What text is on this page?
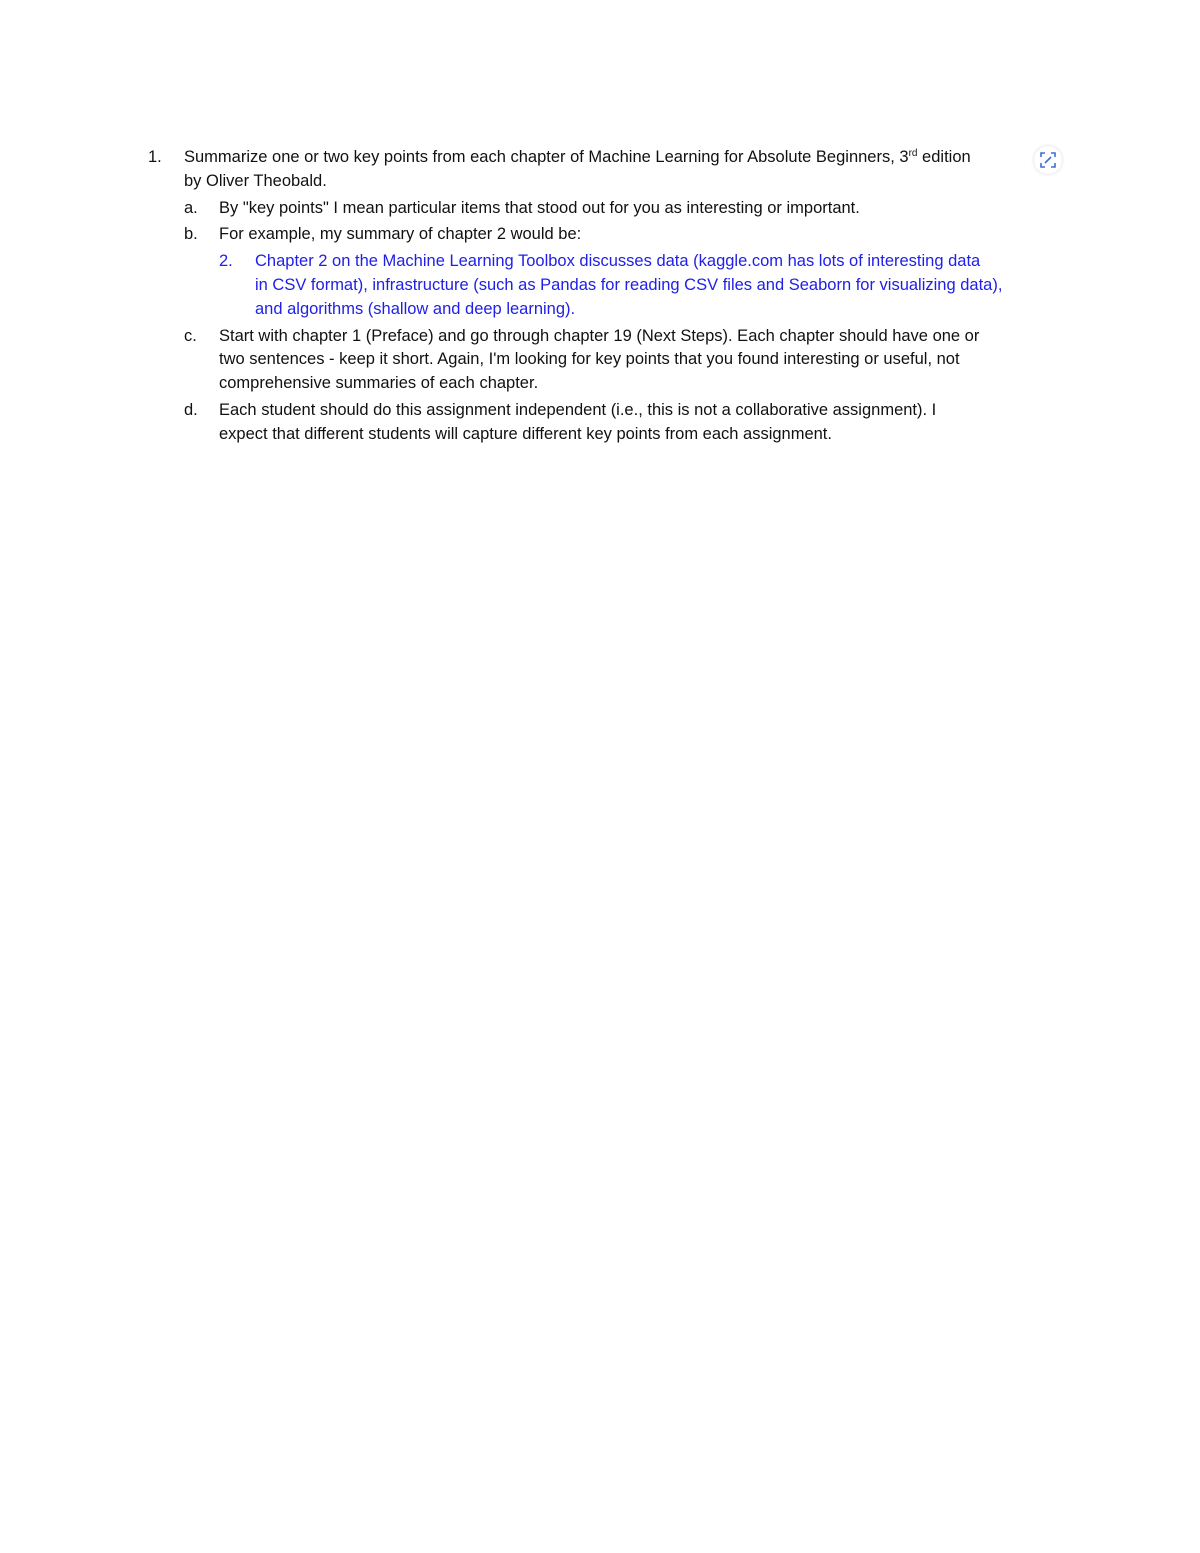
1. Summarize one or two key points from each chapter of Machine Learning for Absolute Beginners, 3rd edition
by Oliver Theobald.
a. By "key points" I mean particular items that stood out for you as interesting or important.
b. For example, my summary of chapter 2 would be:
2. Chapter 2 on the Machine Learning Toolbox discusses data (kaggle.com has lots of interesting data
in CSV format), infrastructure (such as Pandas for reading CSV files and Seaborn for visualizing data),
and algorithms (shallow and deep learning).
c. Start with chapter 1 (Preface) and go through chapter 19 (Next Steps). Each chapter should have one or
two sentences - keep it short. Again, I'm looking for key points that you found interesting or useful, not
comprehensive summaries of each chapter.
d. Each student should do this assignment independent (i.e., this is not a collaborative assignment). I
expect that different students will capture different key points from each assignment.
